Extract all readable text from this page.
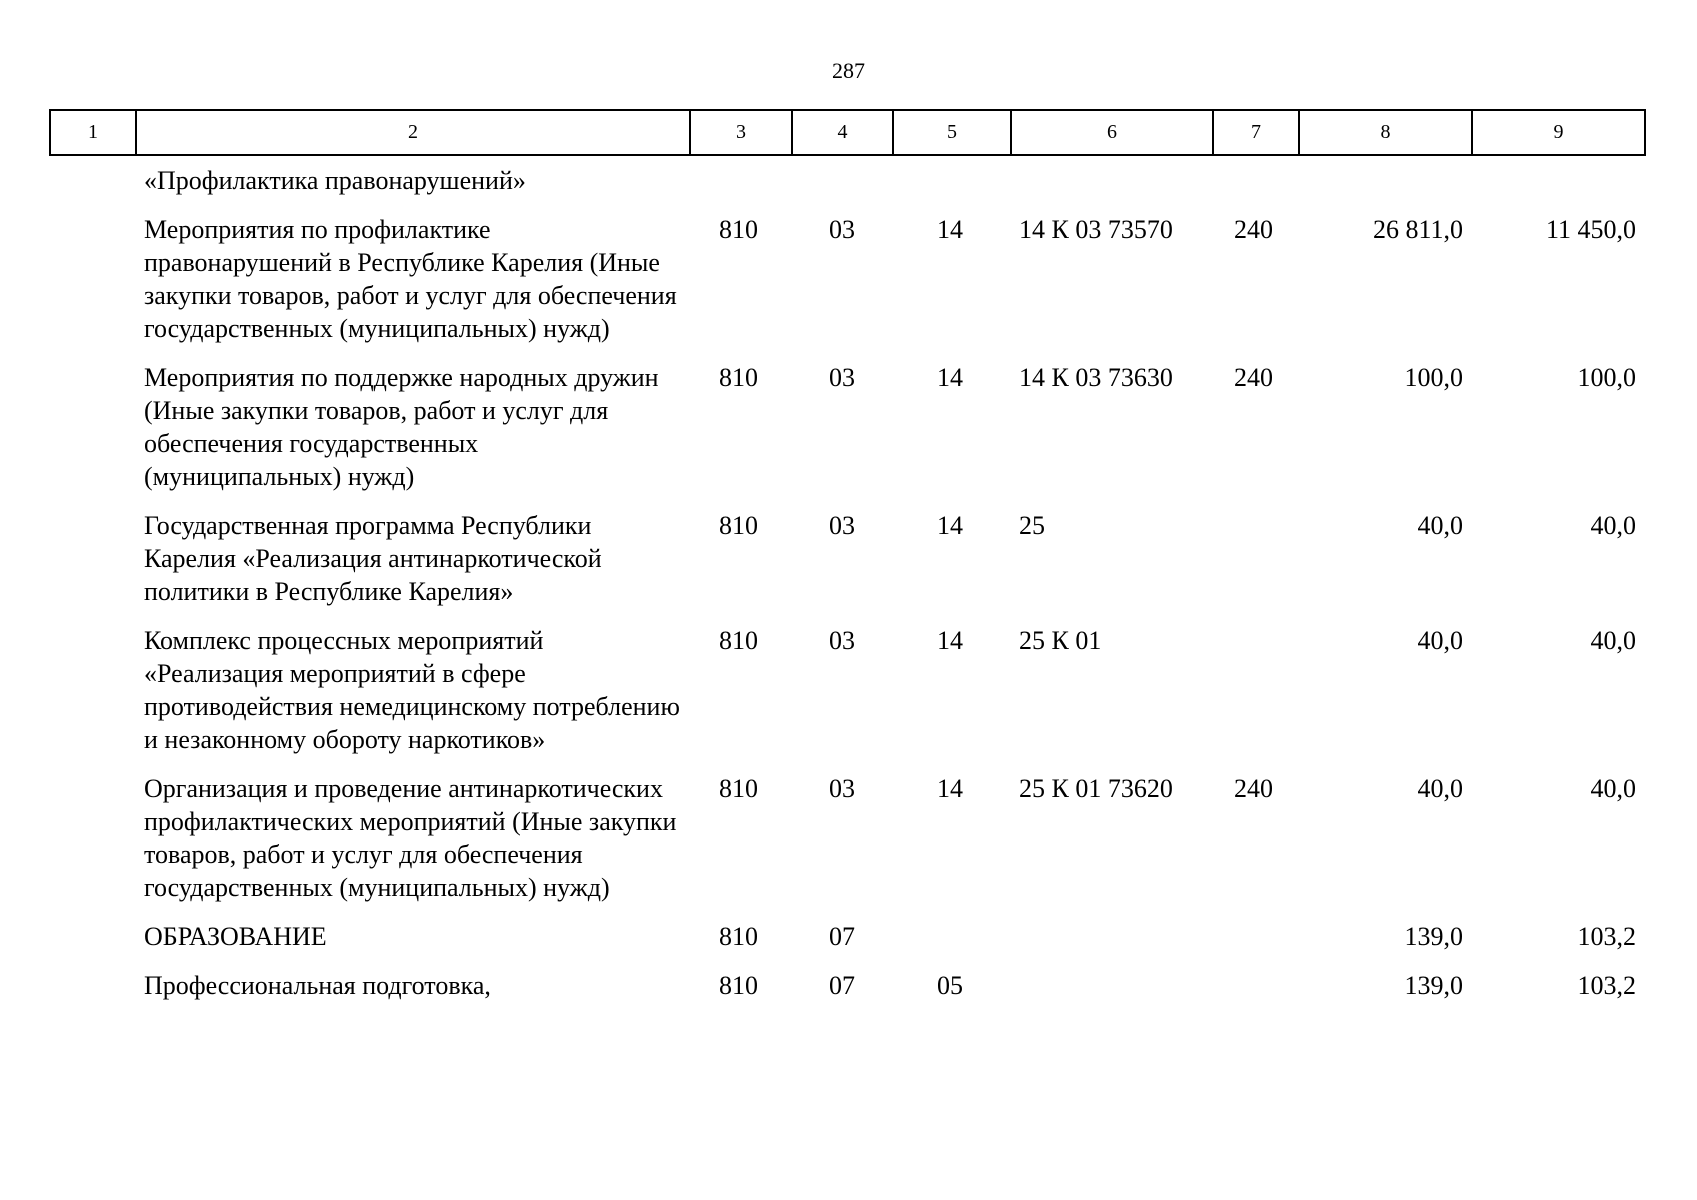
287
1	2	3	4	5	6	7	8	9
«Профилактика правонарушений»							
Мероприятия по профилактике правонарушений в Республике Карелия (Иные закупки товаров, работ и услуг для обеспечения государственных (муниципальных) нужд)	810	03	14	14 К 03 73570	240	26 811,0	11 450,0
Мероприятия по поддержке народных дружин (Иные закупки товаров, работ и услуг для обеспечения государственных (муниципальных) нужд)	810	03	14	14 К 03 73630	240	100,0	100,0
Государственная программа Республики Карелия «Реализация антинаркотической политики в Республике Карелия»	810	03	14	25		40,0	40,0
Комплекс процессных мероприятий «Реализация мероприятий в сфере противодействия немедицинскому потреблению и незаконному обороту наркотиков»	810	03	14	25 К 01		40,0	40,0
Организация и проведение антинаркотических профилактических мероприятий (Иные закупки товаров, работ и услуг для обеспечения государственных (муниципальных) нужд)	810	03	14	25 К 01 73620	240	40,0	40,0
ОБРАЗОВАНИЕ	810	07				139,0	103,2
Профессиональная подготовка,	810	07	05			139,0	103,2
